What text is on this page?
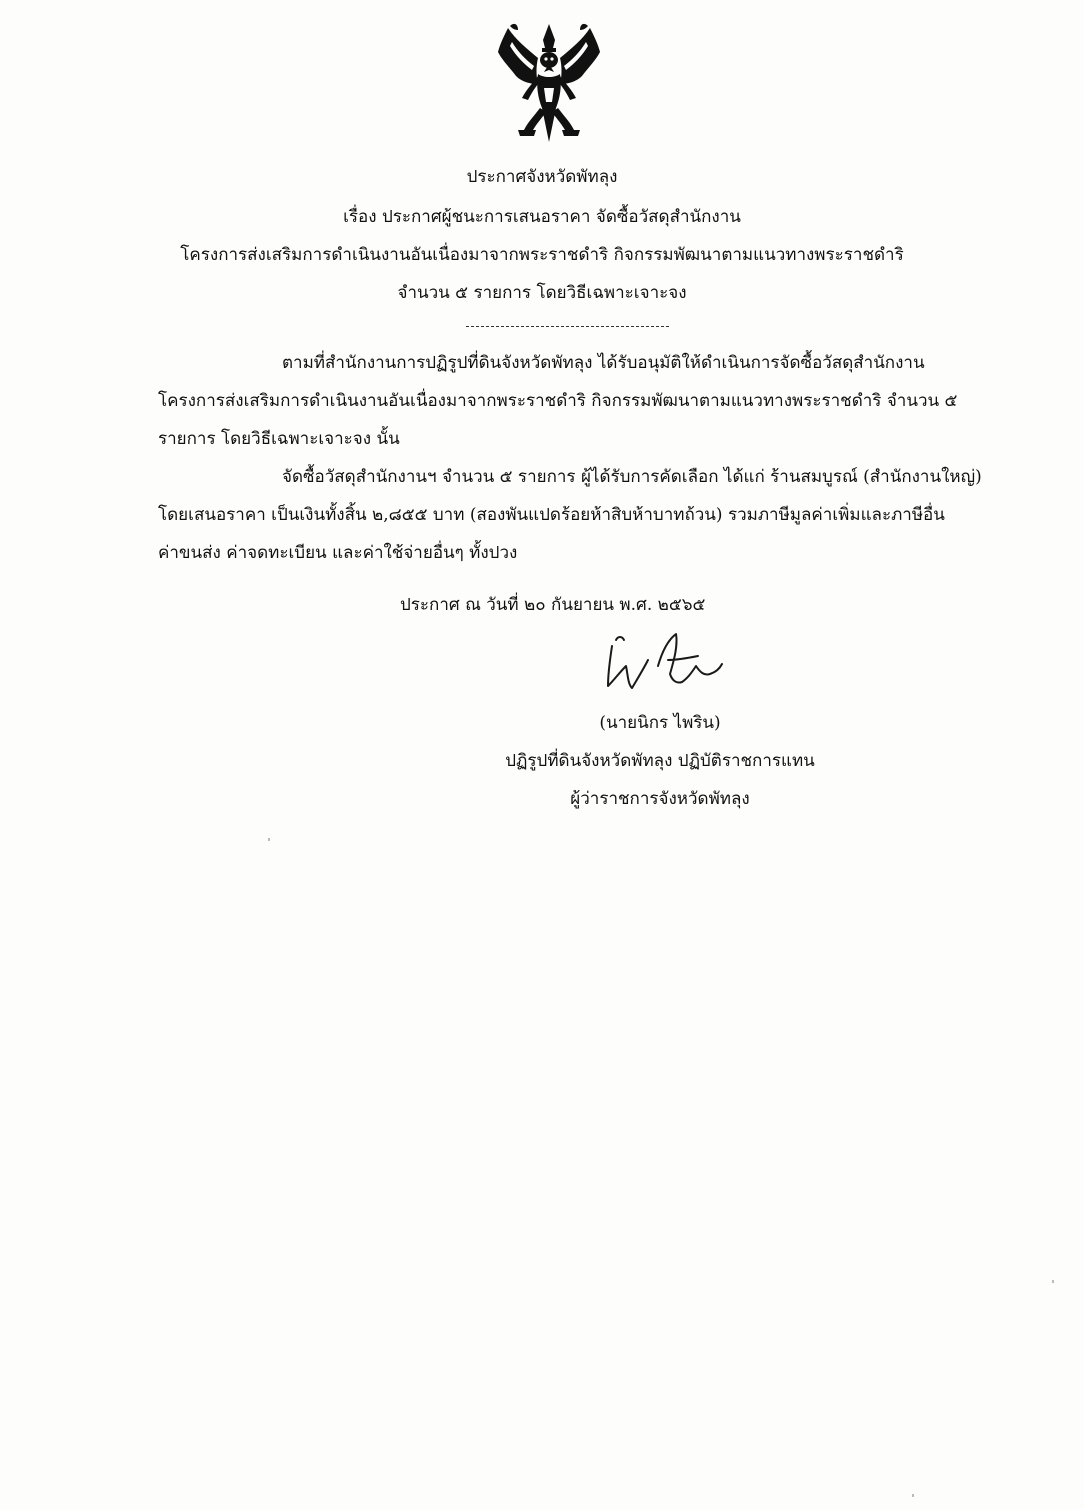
ประกาศจังหวัดพัทลุง
เรื่อง ประกาศผู้ชนะการเสนอราคา จัดซื้อวัสดุสำนักงาน
โครงการส่งเสริมการดำเนินงานอันเนื่องมาจากพระราชดำริ กิจกรรมพัฒนาตามแนวทางพระราชดำริ
จำนวน ๕ รายการ โดยวิธีเฉพาะเจาะจง
ตามที่สำนักงานการปฏิรูปที่ดินจังหวัดพัทลุง ได้รับอนุมัติให้ดำเนินการจัดซื้อวัสดุสำนักงาน
โครงการส่งเสริมการดำเนินงานอันเนื่องมาจากพระราชดำริ กิจกรรมพัฒนาตามแนวทางพระราชดำริ จำนวน ๕
รายการ โดยวิธีเฉพาะเจาะจง นั้น
จัดซื้อวัสดุสำนักงานฯ จำนวน ๕ รายการ ผู้ได้รับการคัดเลือก ได้แก่ ร้านสมบูรณ์ (สำนักงานใหญ่)
โดยเสนอราคา เป็นเงินทั้งสิ้น ๒,๘๕๕ บาท (สองพันแปดร้อยห้าสิบห้าบาทถ้วน) รวมภาษีมูลค่าเพิ่มและภาษีอื่น
ค่าขนส่ง ค่าจดทะเบียน และค่าใช้จ่ายอื่นๆ ทั้งปวง
ประกาศ ณ วันที่ ๒๐ กันยายน พ.ศ. ๒๕๖๕
(นายนิกร ไพริน)
ปฏิรูปที่ดินจังหวัดพัทลุง ปฏิบัติราชการแทน
ผู้ว่าราชการจังหวัดพัทลุง
